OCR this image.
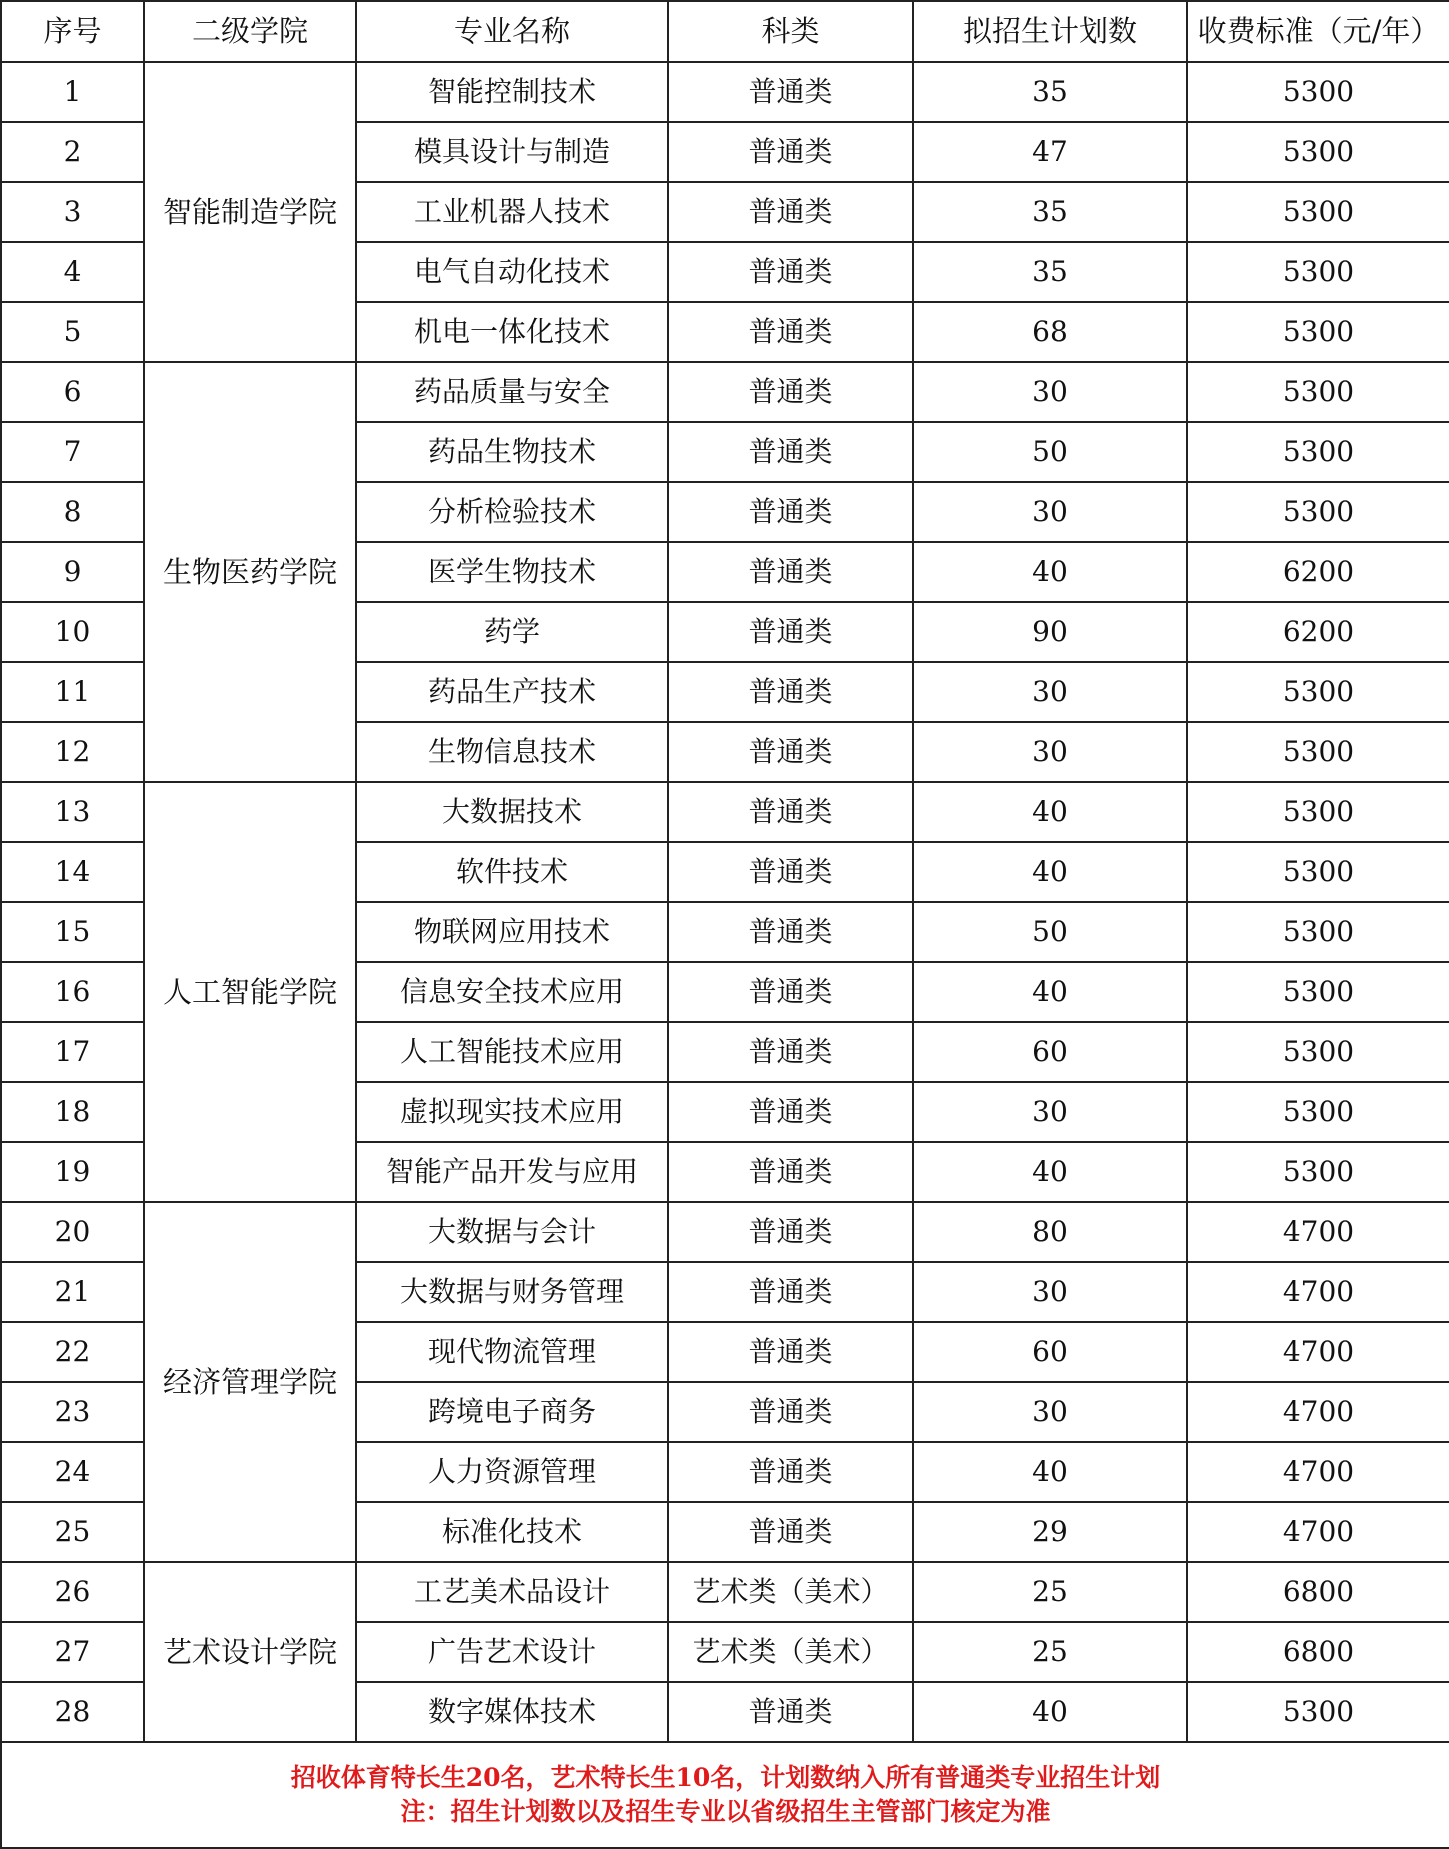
序号	二级学院	专业名称	科类	拟招生计划数	收费标准（元/年）
1	智能制造学院	智能控制技术	普通类	35	5300
2		模具设计与制造	普通类	47	5300
3		工业机器人技术	普通类	35	5300
4		电气自动化技术	普通类	35	5300
5		机电一体化技术	普通类	68	5300
6	生物医药学院	药品质量与安全	普通类	30	5300
7		药品生物技术	普通类	50	5300
8		分析检验技术	普通类	30	5300
9		医学生物技术	普通类	40	6200
10		药学	普通类	90	6200
11		药品生产技术	普通类	30	5300
12		生物信息技术	普通类	30	5300
13	人工智能学院	大数据技术	普通类	40	5300
14		软件技术	普通类	40	5300
15		物联网应用技术	普通类	50	5300
16		信息安全技术应用	普通类	40	5300
17		人工智能技术应用	普通类	60	5300
18		虚拟现实技术应用	普通类	30	5300
19		智能产品开发与应用	普通类	40	5300
20	经济管理学院	大数据与会计	普通类	80	4700
21		大数据与财务管理	普通类	30	4700
22		现代物流管理	普通类	60	4700
23		跨境电子商务	普通类	30	4700
24		人力资源管理	普通类	40	4700
25		标准化技术	普通类	29	4700
26	艺术设计学院	工艺美术品设计	艺术类（美术）	25	6800
27		广告艺术设计	艺术类（美术）	25	6800
28		数字媒体技术	普通类	40	5300

招收体育特长生20名，艺术特长生10名，计划数纳入所有普通类专业招生计划
注：招生计划数以及招生专业以省级招生主管部门核定为准					
